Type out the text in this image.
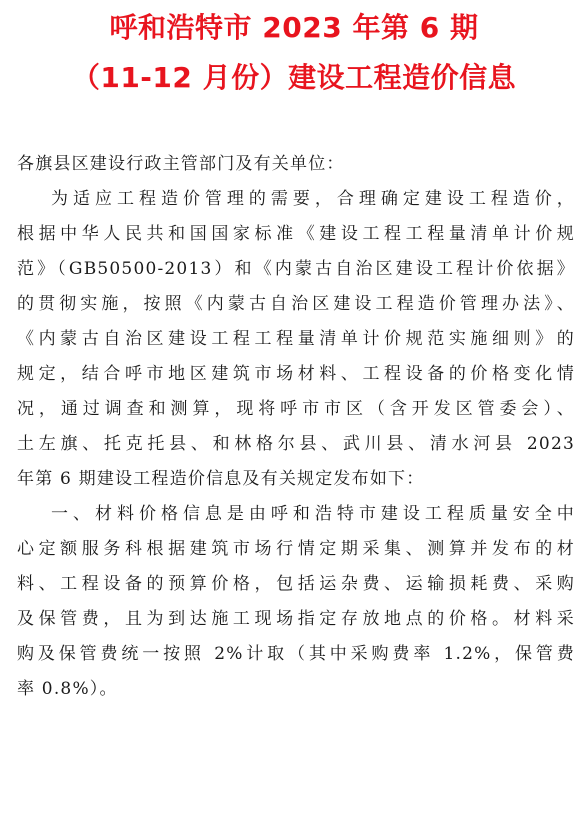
呼和浩特市 2023 年第 6 期
（11-12 月份）建设工程造价信息
各旗县区建设行政主管部门及有关单位：
为适应工程造价管理的需要，合理确定建设工程造价，
根据中华人民共和国国家标准《建设工程工程量清单计价规
范》（GB50500-2013）和《内蒙古自治区建设工程计价依据》
的贯彻实施，按照《内蒙古自治区建设工程造价管理办法》、
《内蒙古自治区建设工程工程量清单计价规范实施细则》的
规定，结合呼市地区建筑市场材料、工程设备的价格变化情
况，通过调查和测算，现将呼市市区（含开发区管委会）、
土左旗、托克托县、和林格尔县、武川县、清水河县 2023
年第 6 期建设工程造价信息及有关规定发布如下：
一、材料价格信息是由呼和浩特市建设工程质量安全中
心定额服务科根据建筑市场行情定期采集、测算并发布的材
料、工程设备的预算价格，包括运杂费、运输损耗费、采购
及保管费，且为到达施工现场指定存放地点的价格。材料采
购及保管费统一按照 2%计取（其中采购费率 1.2%，保管费
率 0.8%）。
